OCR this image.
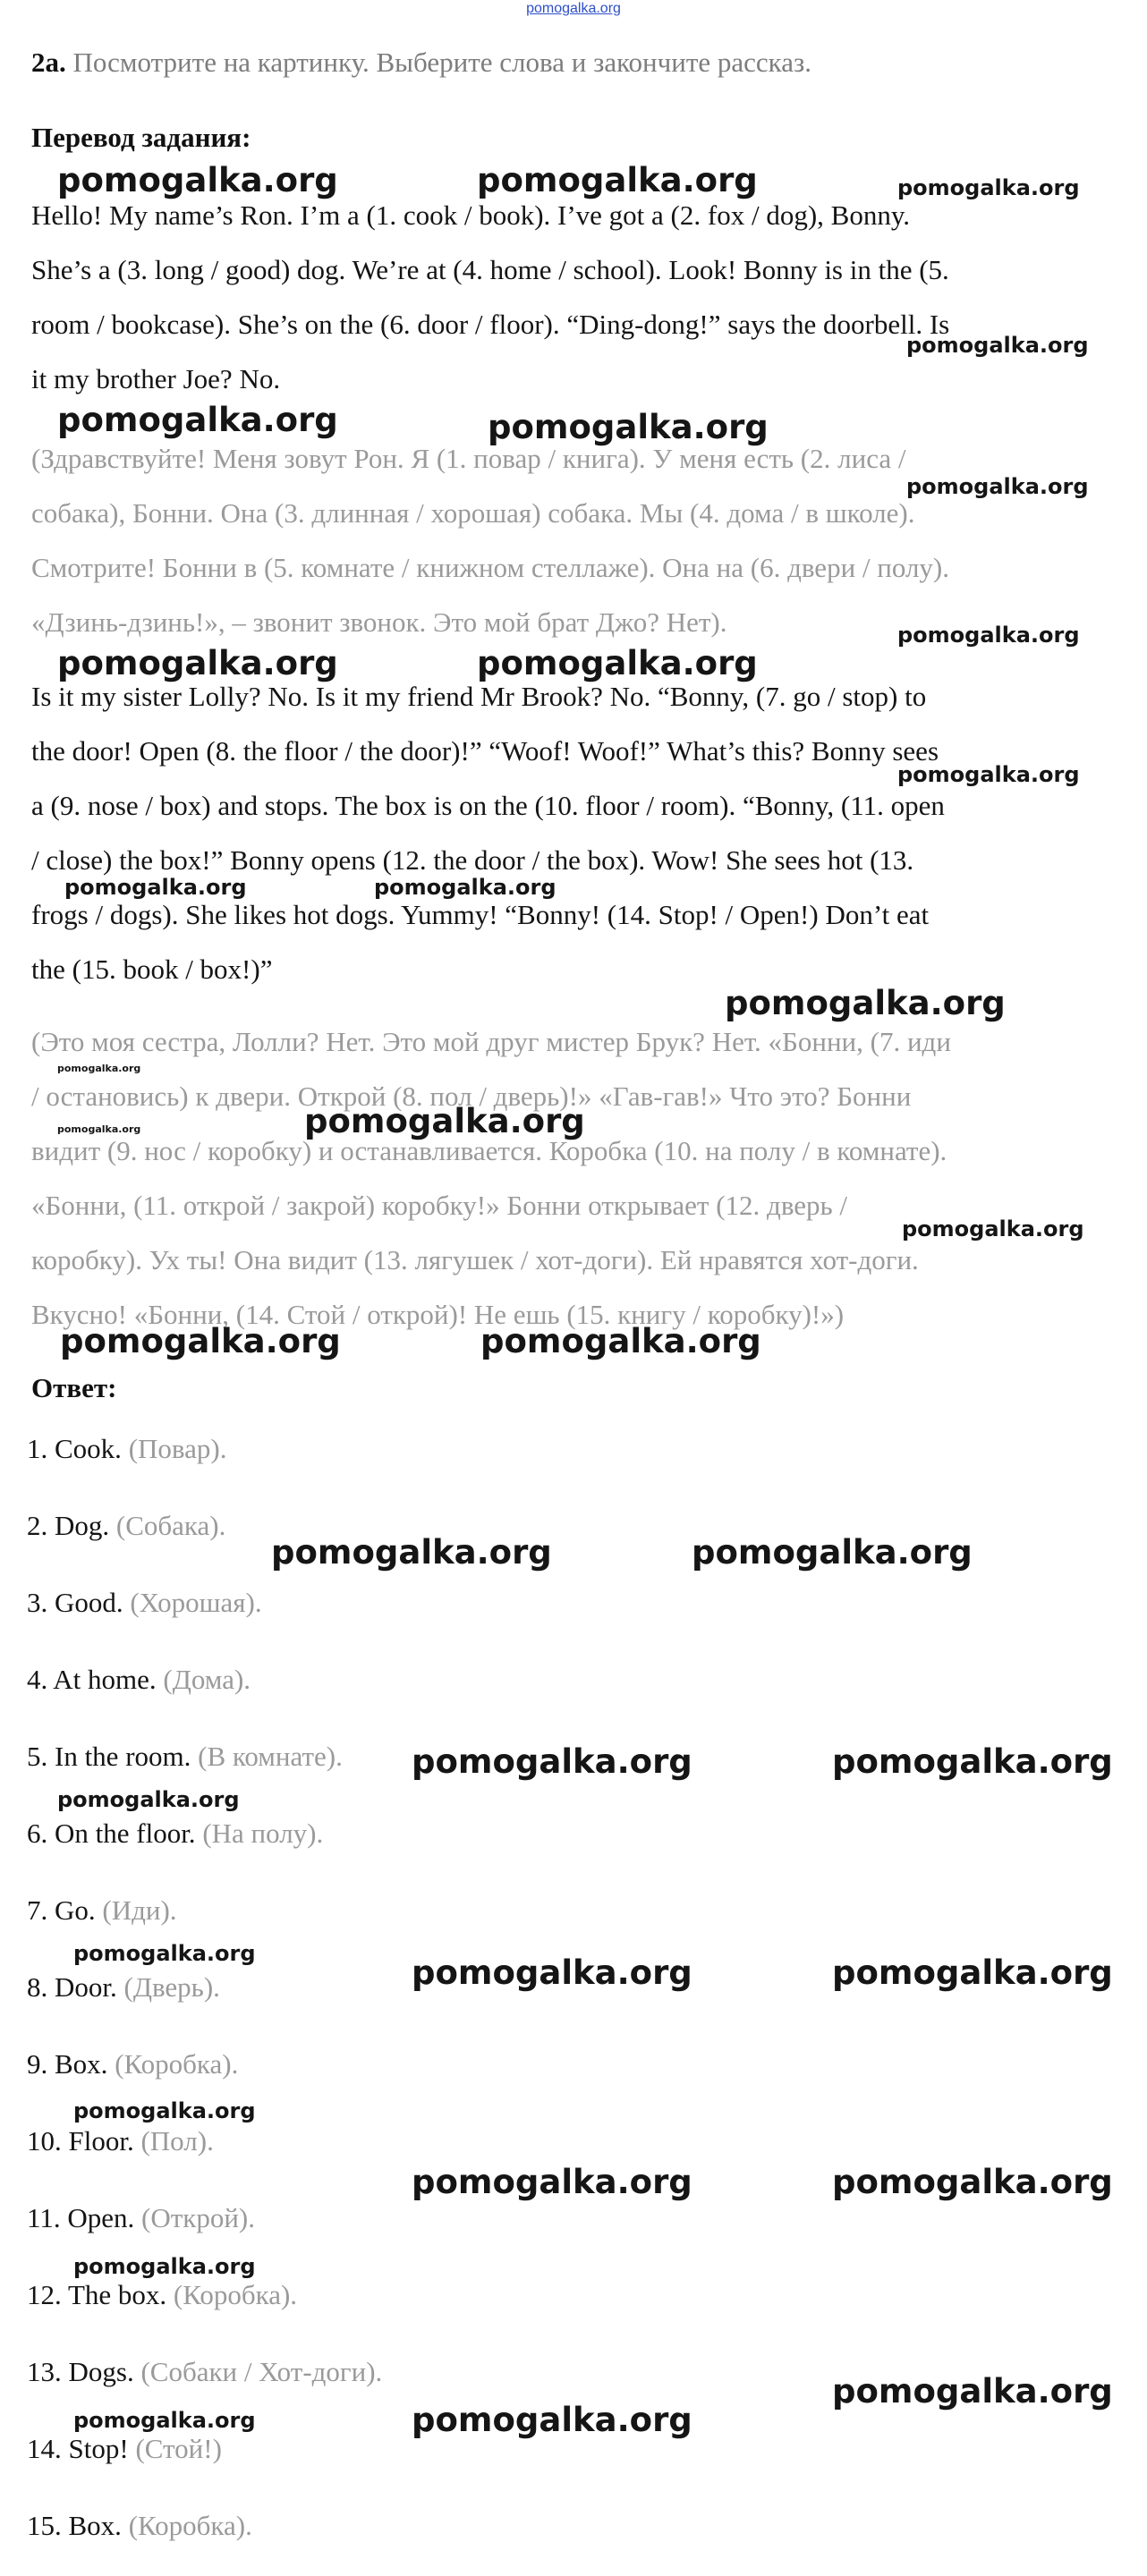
pomogalka.org
2a. Посмотрите на картинку. Выберите слова и закончите рассказ.
Перевод задания:
Hello! My name’s Ron. I’m a (1. cook / book). I’ve got a (2. fox / dog), Bonny.
She’s a (3. long / good) dog. We’re at (4. home / school). Look! Bonny is in the (5.
room / bookcase). She’s on the (6. door / floor). “Ding-dong!” says the doorbell. Is
it my brother Joe? No.
(Здравствуйте! Меня зовут Рон. Я (1. повар / книга). У меня есть (2. лиса /
собака), Бонни. Она (3. длинная / хорошая) собака. Мы (4. дома / в школе).
Смотрите! Бонни в (5. комнате / книжном стеллаже). Она на (6. двери / полу).
«Дзинь-дзинь!», – звонит звонок. Это мой брат Джо? Нет).
Is it my sister Lolly? No. Is it my friend Mr Brook? No. “Bonny, (7. go / stop) to
the door! Open (8. the floor / the door)!” “Woof! Woof!” What’s this? Bonny sees
a (9. nose / box) and stops. The box is on the (10. floor / room). “Bonny, (11. open
/ close) the box!” Bonny opens (12. the door / the box). Wow! She sees hot (13.
frogs / dogs). She likes hot dogs. Yummy! “Bonny! (14. Stop! / Open!) Don’t eat
the (15. book / box!)”
(Это моя сестра, Лолли? Нет. Это мой друг мистер Брук? Нет. «Бонни, (7. иди
/ остановись) к двери. Открой (8. пол / дверь)!» «Гав-гав!» Что это? Бонни
видит (9. нос / коробку) и останавливается. Коробка (10. на полу / в комнате).
«Бонни, (11. открой / закрой) коробку!» Бонни открывает (12. дверь /
коробку). Ух ты! Она видит (13. лягушек / хот-доги). Ей нравятся хот-доги.
Вкусно! «Бонни, (14. Стой / открой)! Не ешь (15. книгу / коробку)!»)
Ответ:
1. Cook. (Повар).
2. Dog. (Собака).
3. Good. (Хорошая).
4. At home. (Дома).
5. In the room. (В комнате).
6. On the floor. (На полу).
7. Go. (Иди).
8. Door. (Дверь).
9. Box. (Коробка).
10. Floor. (Пол).
11. Open. (Открой).
12. The box. (Коробка).
13. Dogs. (Собаки / Хот-доги).
14. Stop! (Стой!)
15. Box. (Коробка).
pomogalka.org	pomogalka.org	pomogalka.org
pomogalka.org
pomogalka.org	pomogalka.org
pomogalka.org
pomogalka.org
pomogalka.org	pomogalka.org
pomogalka.org
pomogalka.org	pomogalka.org
pomogalka.org
pomogalka.org
pomogalka.org
pomogalka.org
pomogalka.org
pomogalka.org	pomogalka.org
pomogalka.org	pomogalka.org
pomogalka.org	pomogalka.org
pomogalka.org
pomogalka.org	pomogalka.org	pomogalka.org
pomogalka.org
pomogalka.org	pomogalka.org
pomogalka.org
pomogalka.org
pomogalka.org	pomogalka.org
